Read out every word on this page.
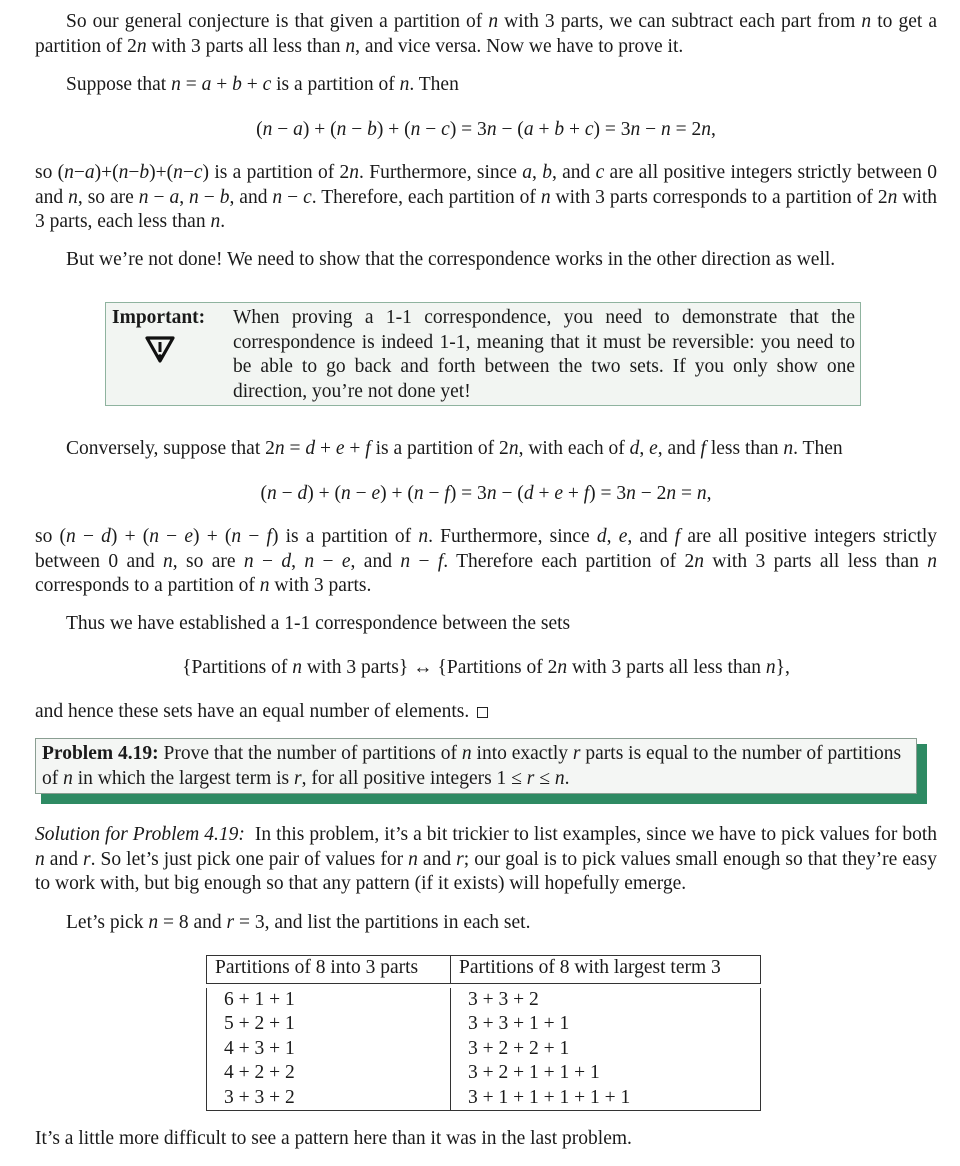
So our general conjecture is that given a partition of n with 3 parts, we can subtract each part from n to get a partition of 2n with 3 parts all less than n, and vice versa. Now we have to prove it.

Suppose that n = a + b + c is a partition of n. Then

(n − a) + (n − b) + (n − c) = 3n − (a + b + c) = 3n − n = 2n,

so (n−a)+(n−b)+(n−c) is a partition of 2n. Furthermore, since a, b, and c are all positive integers strictly between 0 and n, so are n − a, n − b, and n − c. Therefore, each partition of n with 3 parts corresponds to a partition of 2n with 3 parts, each less than n.

But we’re not done! We need to show that the correspondence works in the other direction as well.

Important: When proving a 1-1 correspondence, you need to demonstrate that the correspondence is indeed 1-1, meaning that it must be reversible: you need to be able to go back and forth between the two sets. If you only show one direction, you’re not done yet!

Conversely, suppose that 2n = d + e + f is a partition of 2n, with each of d, e, and f less than n. Then

(n − d) + (n − e) + (n − f) = 3n − (d + e + f) = 3n − 2n = n,

so (n − d) + (n − e) + (n − f) is a partition of n. Furthermore, since d, e, and f are all positive integers strictly between 0 and n, so are n − d, n − e, and n − f. Therefore each partition of 2n with 3 parts all less than n corresponds to a partition of n with 3 parts.

Thus we have established a 1-1 correspondence between the sets

{Partitions of n with 3 parts} ↔ {Partitions of 2n with 3 parts all less than n},

and hence these sets have an equal number of elements.

Problem 4.19: Prove that the number of partitions of n into exactly r parts is equal to the number of partitions of n in which the largest term is r, for all positive integers 1 ≤ r ≤ n.

Solution for Problem 4.19:  In this problem, it’s a bit trickier to list examples, since we have to pick values for both n and r. So let’s just pick one pair of values for n and r; our goal is to pick values small enough so that they’re easy to work with, but big enough so that any pattern (if it exists) will hopefully emerge.

Let’s pick n = 8 and r = 3, and list the partitions in each set.

Partitions of 8 into 3 parts	Partitions of 8 with largest term 3

6 + 1 + 1	3 + 3 + 2
5 + 2 + 1	3 + 3 + 1 + 1
4 + 3 + 1	3 + 2 + 2 + 1
4 + 2 + 2	3 + 2 + 1 + 1 + 1
3 + 3 + 2	3 + 1 + 1 + 1 + 1 + 1

It’s a little more difficult to see a pattern here than it was in the last problem.
